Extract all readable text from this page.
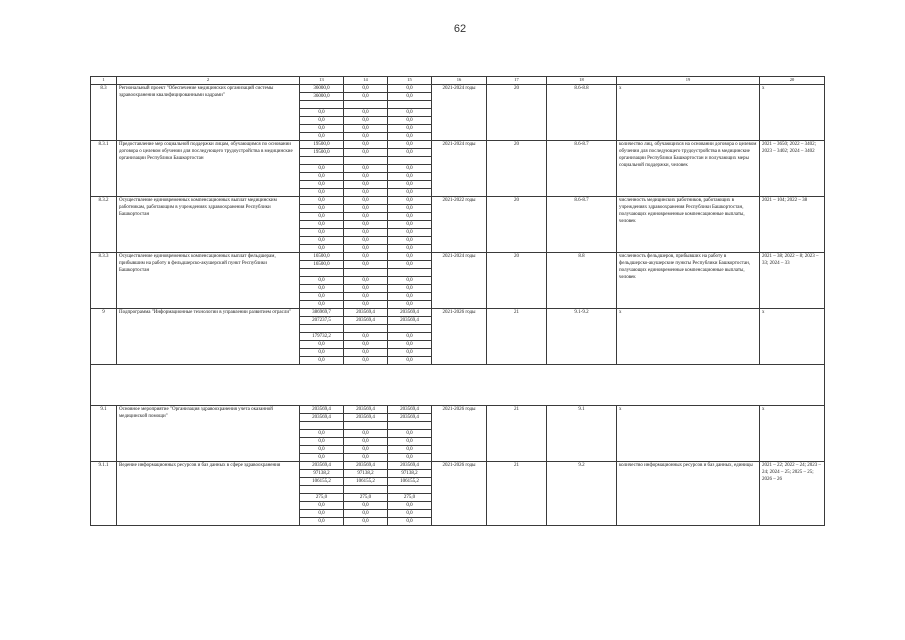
62
1	2	13	14	15	16	17	18	19	20
8.3	Региональный проект "Обеспечение медицинских организаций системы здравоохранения квалифицированными кадрами"	36000,0	0,0	0,0	2021-2024 годы	20	8.6-8.8	x	x
		36000,0	0,0	0,0					

		0,0	0,0	0,0					
		0,0	0,0	0,0					
		0,0	0,0	0,0					
		0,0	0,0	0,0					
8.3.1	Предоставление мер социальной поддержки лицам, обучающимся по основании договора о целевом обучении для последующего трудоустройства в медицинские организации Республики Башкортостан	19500,0	0,0	0,0	2021-2024 годы	20	8.6-8.7	количество лиц, обучающихся на основании договора о целевом обучении для последующего трудоустройства в медицинские организации Республики Башкортостан и получающих меры социальной поддержки, человек	2021 – 3650; 2022 – 3402; 2023 – 3402; 2024 – 3402
		19500,0	0,0	0,0					

		0,0	0,0	0,0					
		0,0	0,0	0,0					
		0,0	0,0	0,0					
		0,0	0,0	0,0					
8.3.2	Осуществление единовременных компенсационных выплат медицинским работникам, работающим в учреждениях здравоохранения Республики Башкортостан	0,0	0,0	0,0	2021-2022 годы	20	8.6-8.7	численность медицинских работников, работающих в учреждениях здравоохранения Республики Башкортостан, получающих единовременные компенсационные выплаты, человек	2021 – 104; 2022 – 38
		0,0	0,0	0,0					
		0,0	0,0	0,0					
		0,0	0,0	0,0					
		0,0	0,0	0,0					
		0,0	0,0	0,0					
		0,0	0,0	0,0					
8.3.3	Осуществление единовременных компенсационных выплат фельдшерам, прибывшим на работу в фельдшерско-акушерский пункт Республики Башкортостан	16500,0	0,0	0,0	2021-2024 годы	20	8.8	численность фельдшеров, прибывших на работу в фельдшерско-акушерские пункты Республики Башкортостан, получающих единовременные компенсационные выплаты, человек	2021 – 38; 2022 – 8; 2023 – 33; 2024 – 33
		16500,0	0,0	0,0					

		0,0	0,0	0,0					
		0,0	0,0	0,0					
		0,0	0,0	0,0					
		0,0	0,0	0,0					
9	Подпрограмма "Информационные технологии в управлении развитием отрасли"	386969,7	203569,4	203569,4	2021-2026 годы	21	9.1-9.2	x	x
		207237,5	203569,4	203569,4					

		179732,2	0,0	0,0					
		0,0	0,0	0,0					
		0,0	0,0	0,0					
		0,0	0,0	0,0					

9.1	Основное мероприятие "Организация здравоохранения учета оказанной медицинской помощи"	203569,4	203569,4	203569,4	2021-2026 годы	21	9.1	x	x
		203569,4	203569,4	203569,4					

		0,0	0,0	0,0					
		0,0	0,0	0,0					
		0,0	0,0	0,0					
		0,0	0,0	0,0					
9.1.1	Ведение информационных ресурсов и баз данных в сфере здравоохранения	203569,4	203569,4	203569,4	2021-2026 годы	21	9.2	количество информационных ресурсов и баз данных, единицы	2021 – 22; 2022 – 24; 2023 – 24; 2024 – 25; 2025 – 25; 2026 – 26
		97138,2	97138,2	97138,2					
		106155,2	106155,2	106155,2					

		275,0	275,0	275,0					
		0,0	0,0	0,0					
		0,0	0,0	0,0					
		0,0	0,0	0,0					
